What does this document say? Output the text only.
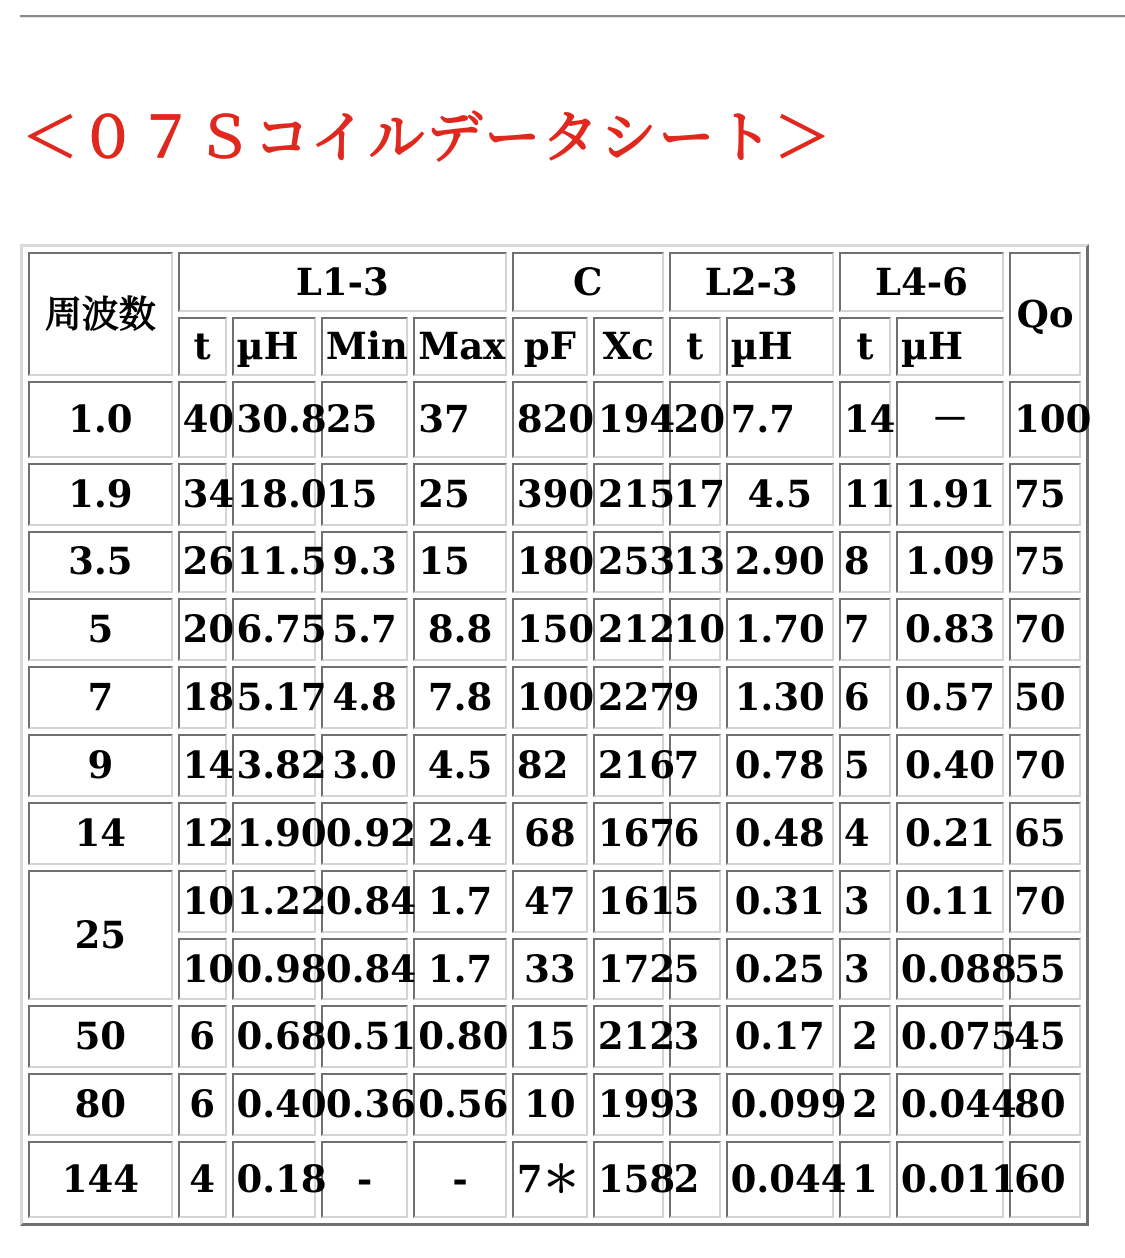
＜０７Ｓコイルデータシート＞
周波数	L1-3				C		L2-3		L4-6		Qo
	t	µH	Min	Max	pF	Xc	t	µH	t	µH	
1.0	40	30.8	25	37	820	194	20	7.7	14	－	100
1.9	34	18.0	15	25	390	215	17	4.5	11	1.91	75
3.5	26	11.5	9.3	15	180	253	13	2.90	8	1.09	75
5	20	6.75	5.7	8.8	150	212	10	1.70	7	0.83	70
7	18	5.17	4.8	7.8	100	227	9	1.30	6	0.57	50
9	14	3.82	3.0	4.5	82	216	7	0.78	5	0.40	70
14	12	1.90	0.92	2.4	68	167	6	0.48	4	0.21	65
25	10	1.22	0.84	1.7	47	161	5	0.31	3	0.11	70
	10	0.98	0.84	1.7	33	172	5	0.25	3	0.088	55
50	6	0.68	0.51	0.80	15	212	3	0.17	2	0.075	45
80	6	0.40	0.36	0.56	10	199	3	0.099	2	0.044	80
144	4	0.18	-	-	7＊	158	2	0.044	1	0.011	60
